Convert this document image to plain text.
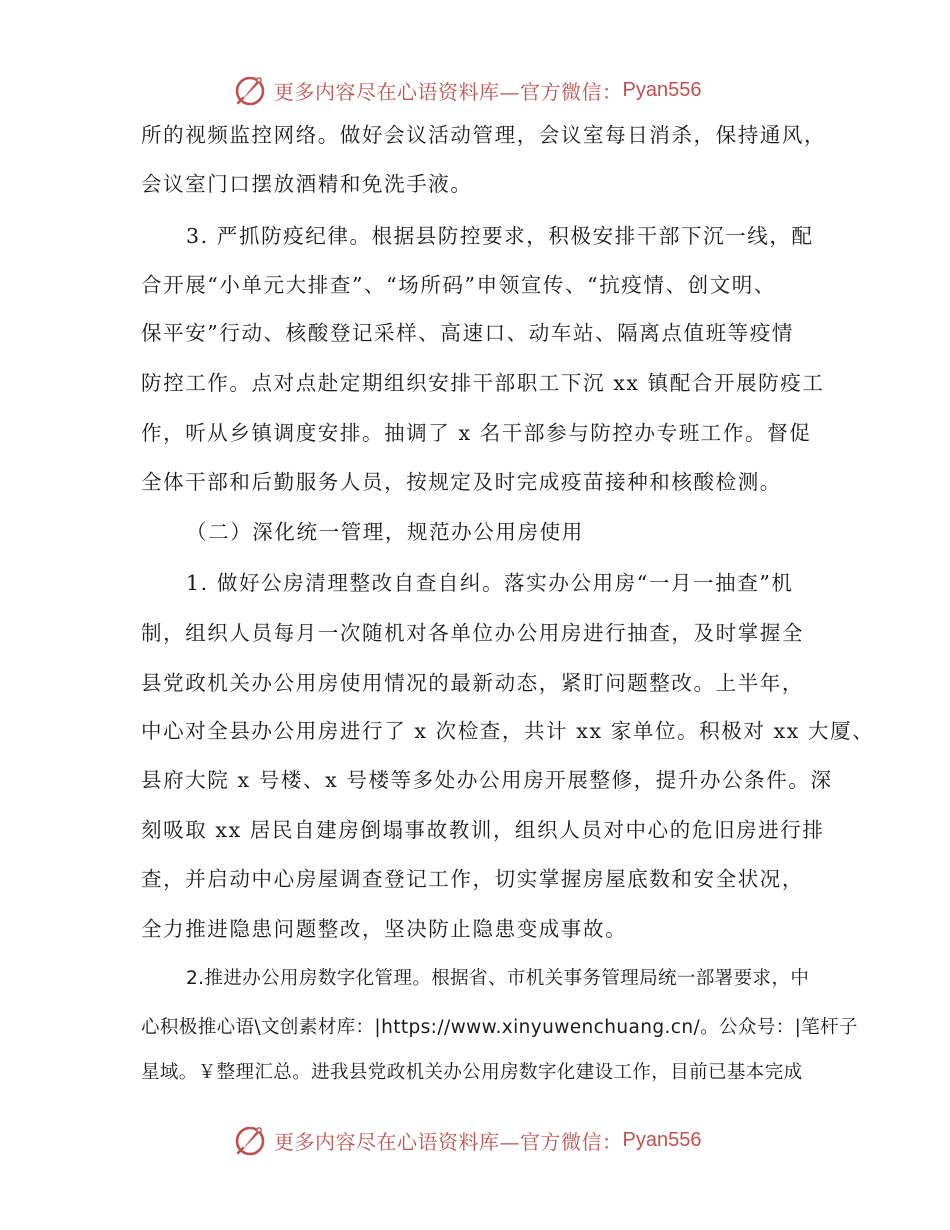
更多内容尽在心语资料库—官方微信： Pyan556
所的视频监控网络。做好会议活动管理，会议室每日消杀，保持通风，
会议室门口摆放酒精和免洗手液。
3. 严抓防疫纪律。根据县防控要求，积极安排干部下沉一线，配
合开展“小单元大排查”、“场所码”申领宣传、“抗疫情、创文明、
保平安”行动、核酸登记采样、高速口、动车站、隔离点值班等疫情
防控工作。点对点赴定期组织安排干部职工下沉 xx 镇配合开展防疫工
作，听从乡镇调度安排。抽调了 x 名干部参与防控办专班工作。督促
全体干部和后勤服务人员，按规定及时完成疫苗接种和核酸检测。
（二）深化统一管理，规范办公用房使用
1. 做好公房清理整改自查自纠。落实办公用房“一月一抽查”机
制，组织人员每月一次随机对各单位办公用房进行抽查，及时掌握全
县党政机关办公用房使用情况的最新动态，紧盯问题整改。上半年，
中心对全县办公用房进行了 x 次检查，共计 xx 家单位。积极对 xx 大厦、
县府大院 x 号楼、x 号楼等多处办公用房开展整修，提升办公条件。深
刻吸取 xx 居民自建房倒塌事故教训，组织人员对中心的危旧房进行排
查，并启动中心房屋调查登记工作，切实掌握房屋底数和安全状况，
全力推进隐患问题整改，坚决防止隐患变成事故。
2.推进办公用房数字化管理。根据省、市机关事务管理局统一部署要求，中
心积极推心语\文创素材库：|https://www.xinyuwenchuang.cn/。公众号：|笔杆子
星域。￥整理汇总。进我县党政机关办公用房数字化建设工作，目前已基本完成
更多内容尽在心语资料库—官方微信： Pyan556
